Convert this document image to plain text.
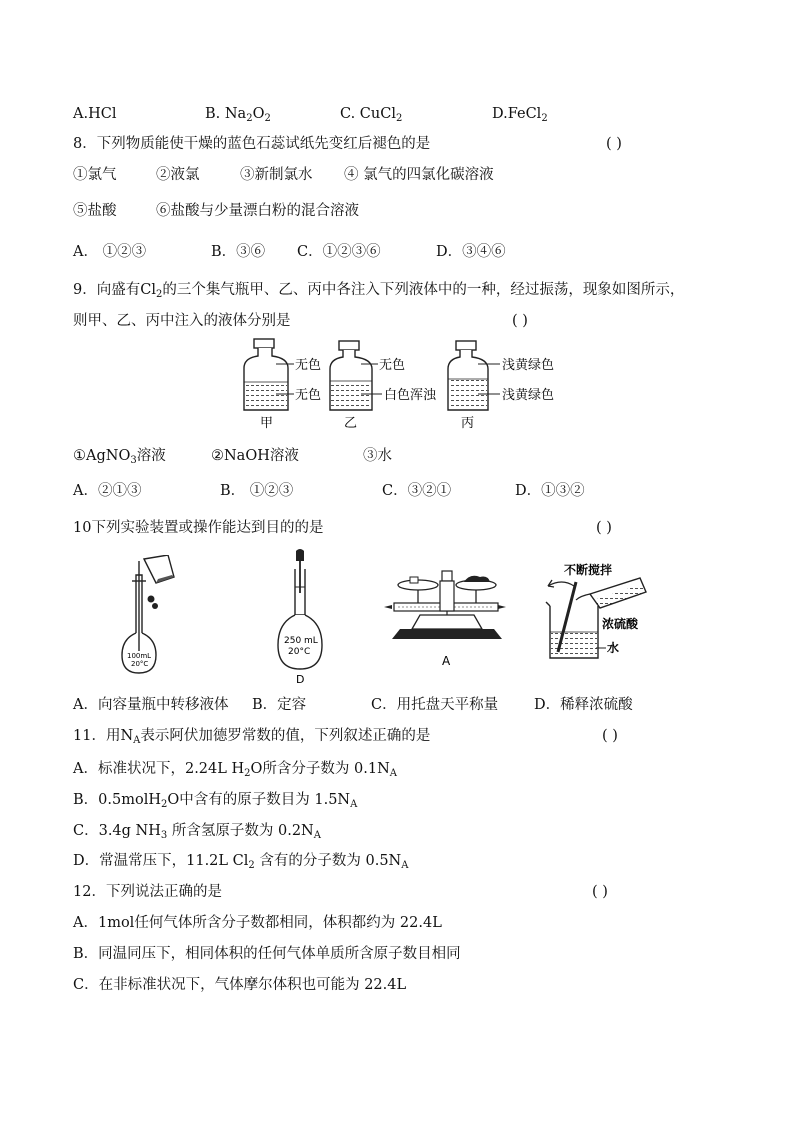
A.HCl	B. $Na_2O_2$	C. CuCl$_2$	D.FeCl$_2$
8．下列物质能使干燥的蓝色石蕊试纸先变红后褪色的是	( )
①氯气	②液氯	③新制氯水 ④ 氯气的四氯化碳溶液
⑤盐酸	⑥盐酸与少量漂白粉的混合溶液
A． ①②③	B．③⑥ C．①②③⑥	D．③④⑥
9．向盛有$Cl_2$的三个集气瓶甲、乙、丙中各注入下列液体中的一种，经过振荡，现象如图所示，
则甲、乙、丙中注入的液体分别是	( )
无色
无色
甲
无色
白色浑浊
乙
浅黄绿色
浅黄绿色
丙
①AgNO$_3$溶液	②NaOH溶液	③水
A．②①③	B． ①②③	C．③②①	D．①③②
10下列实验装置或操作能达到目的的是	( )
100mL
20°C
250 mL
20°C
D
A
不断搅拌
浓硫酸
水
A．向容量瓶中转移液体 B．定容	C．用托盘天平称量 D．稀释浓硫酸
11．用$N_A$表示阿伏加德罗常数的值，下列叙述正确的是	( )
A．标准状况下，2.24L $H_2O$所含分子数为 $0.1N_A$
B．0.5molH$_2$O中含有的原子数目为 $1.5N_A$
C．3.4g $NH_3$ 所含氢原子数为 $0.2N_A$
D．常温常压下，11.2L $Cl_2$ 含有的分子数为 $0.5N_A$
12．下列说法正确的是	( )
A．1mol任何气体所含分子数都相同，体积都约为 22.4L
B．同温同压下，相同体积的任何气体单质所含原子数目相同
C．在非标准状况下，气体摩尔体积也可能为 22.4L
